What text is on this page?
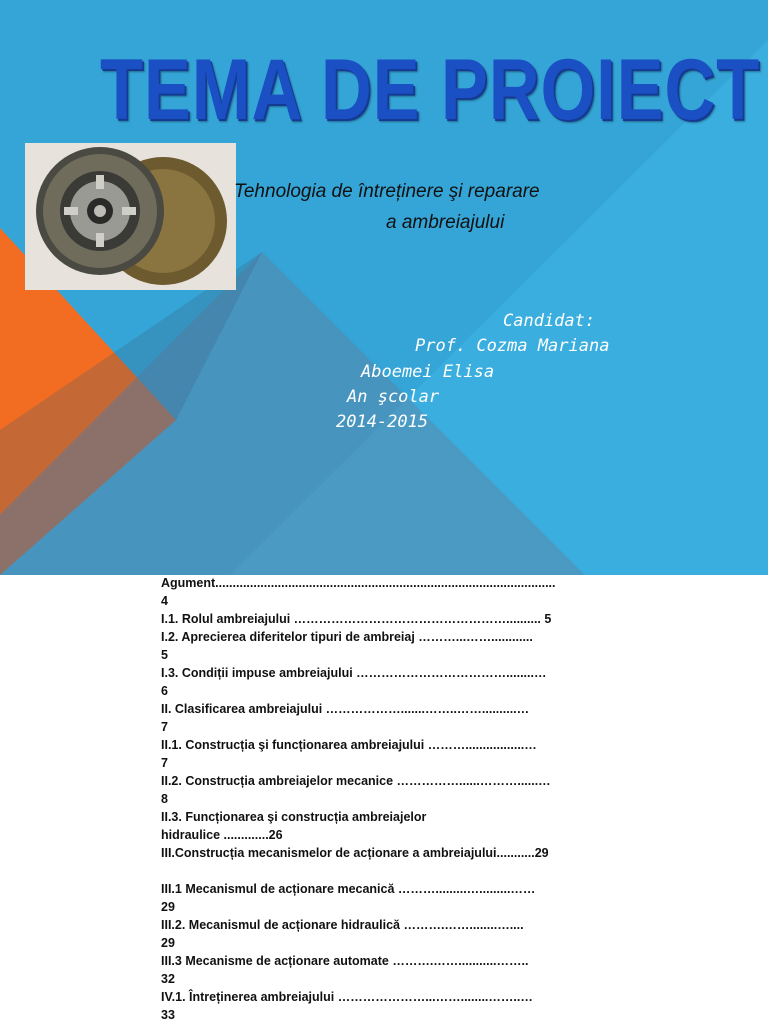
TEMA DE PROIECT
Tehnologia de întreținere şi reparare
a ambreiajului
Candidat:
Prof. Cozma Mariana
Aboemei Elisa
An şcolar
2014-2015
Agument..................................................................................................
4
I.1. Rolul ambreiajului …………………………………………….......... 5
I.2. Aprecierea diferitelor tipuri de ambreiaj ………...……............
5
I.3. Condiții impuse ambreiajului ………………………………........…
6
II. Clasificarea ambreiajului ……………….......……..……..........…
7
II.1. Construcția şi funcționarea ambreiajului ……….................…
7
II.2. Construcția ambreiajelor mecanice ……………......………......…
8
II.3. Funcționarea şi construcția ambreiajelor
hidraulice .............26
III.Construcția mecanismelor de acționare a ambreiajului...........29
III.1 Mecanismul de acționare mecanică ……….........….........……
29
III.2. Mecanismul de acționare hidraulică ……….……........…....
29
III.3 Mecanisme de acționare automate ……….……...........……..
32
IV.1. Întreținerea ambreiajului …………………...……........……..…
33
